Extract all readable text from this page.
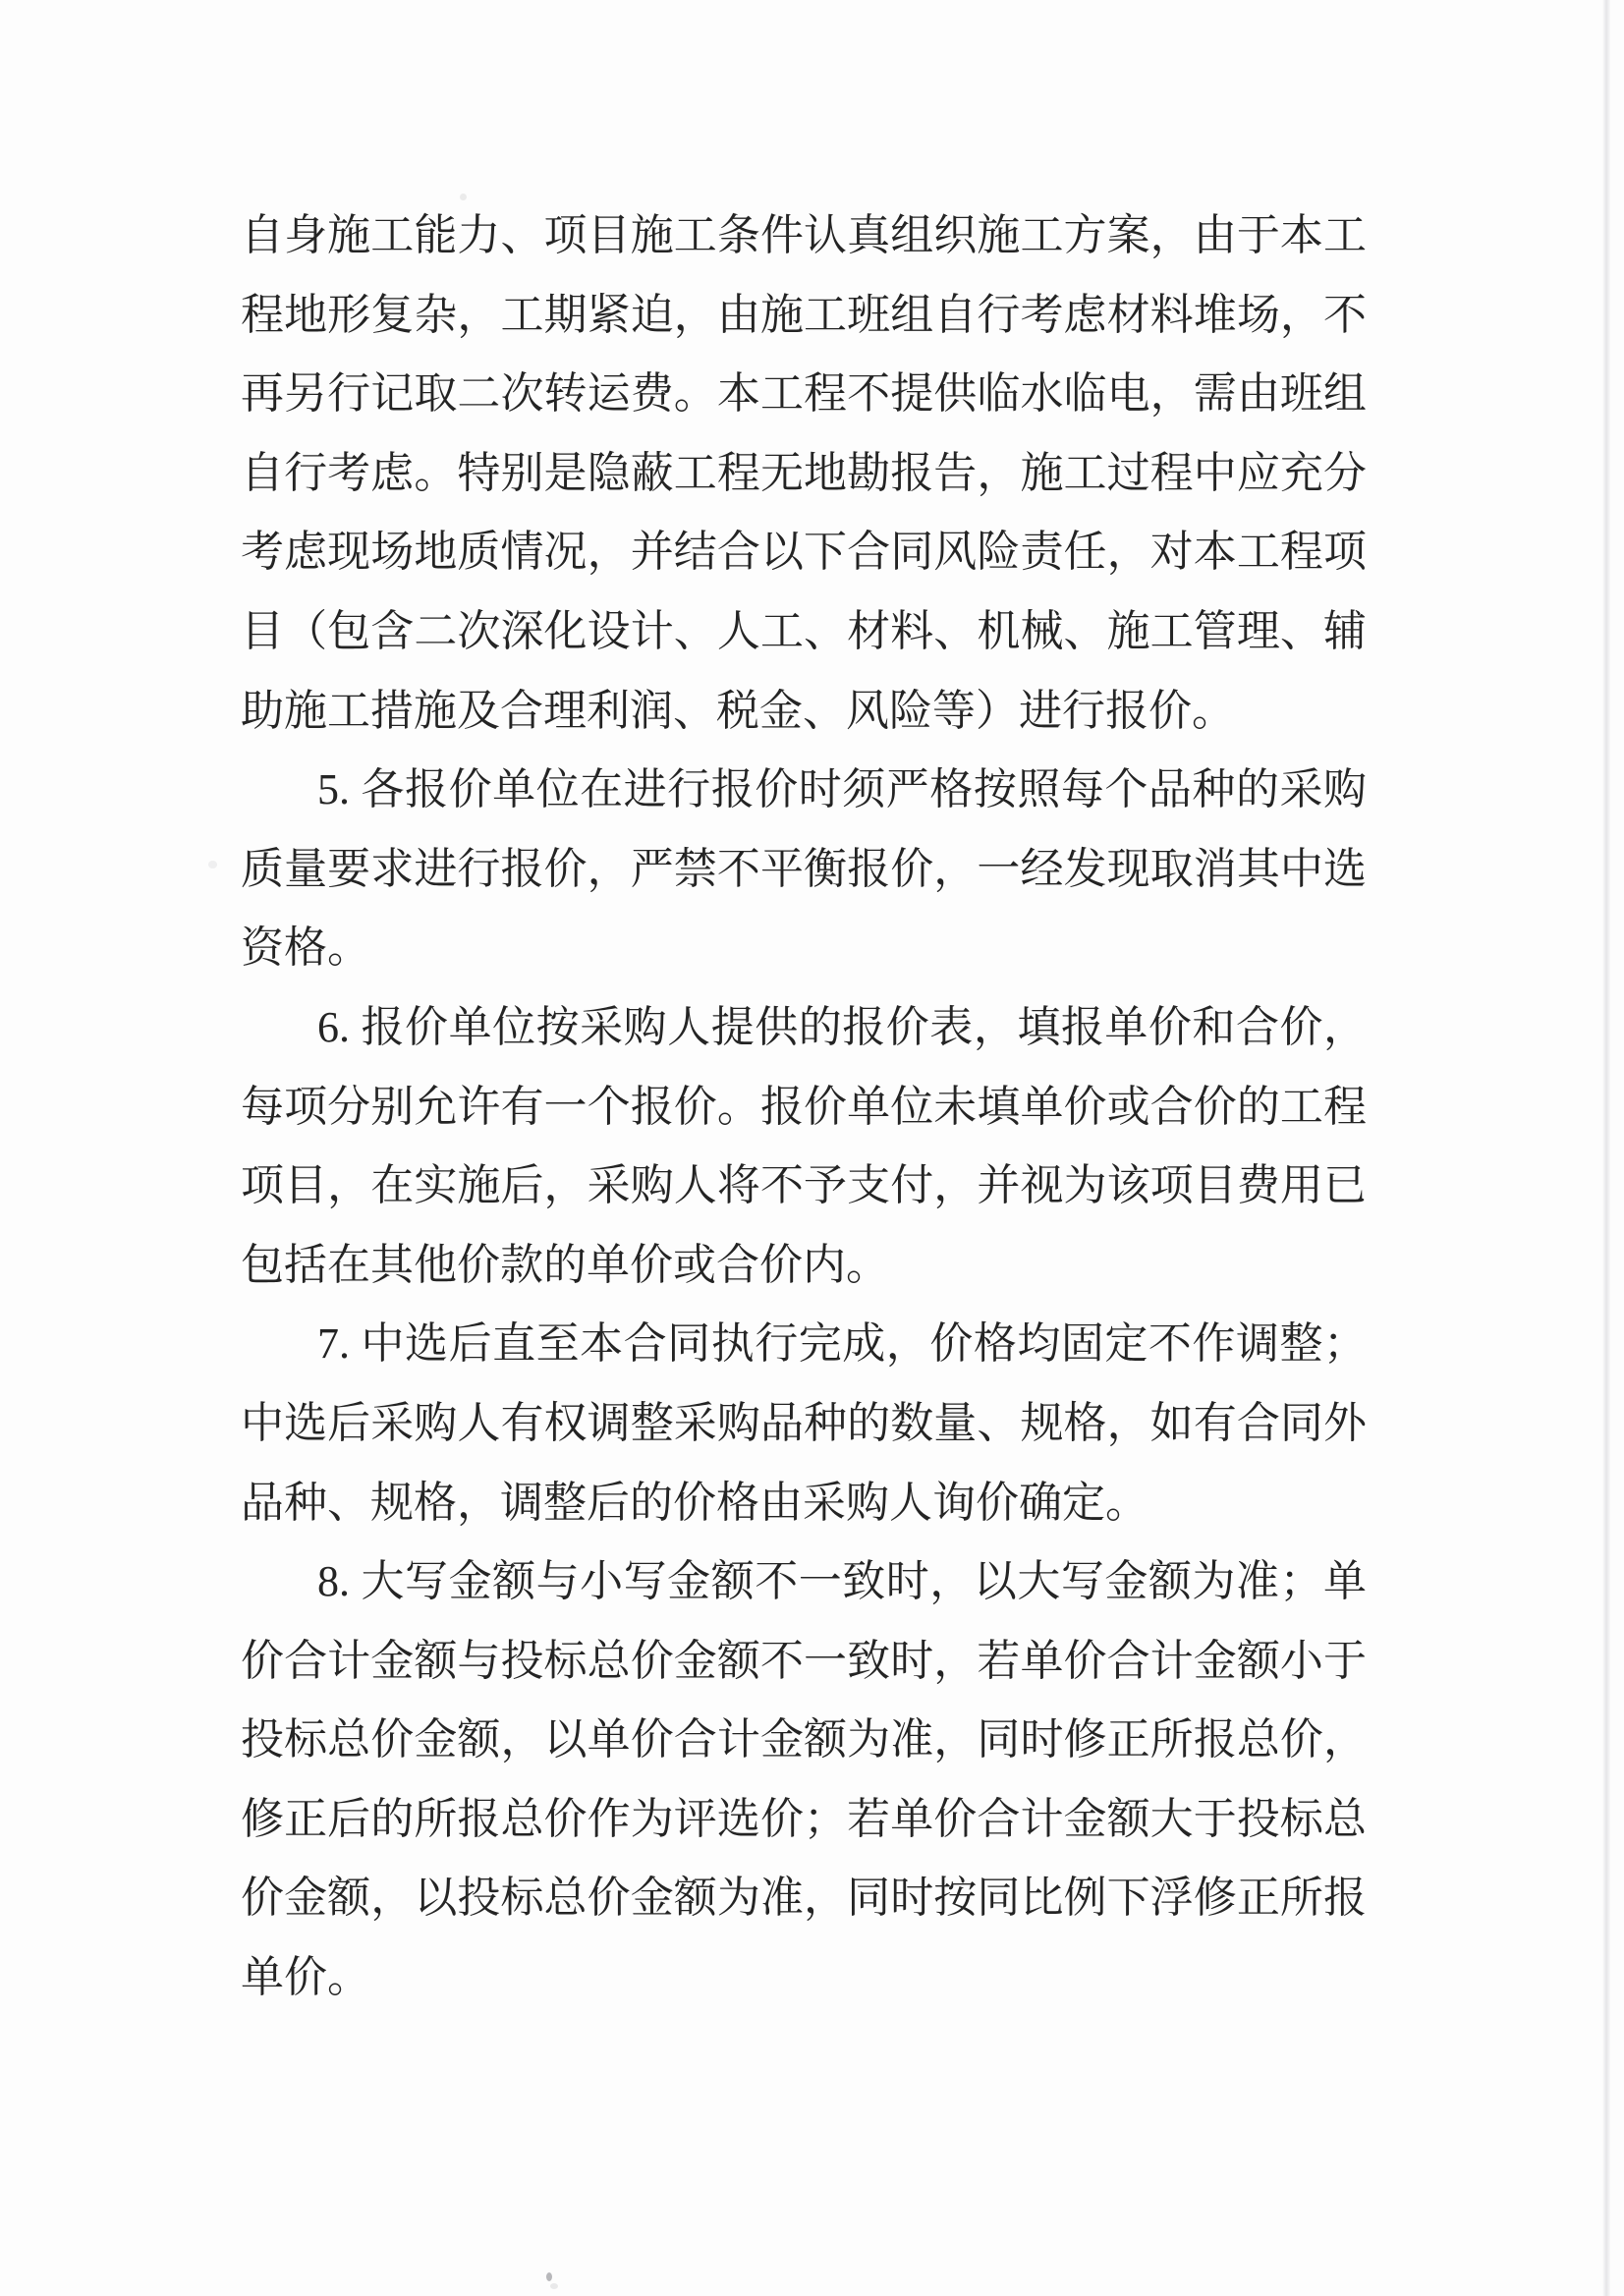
自身施工能力、项目施工条件认真组织施工方案，由于本工程地形复杂，工期紧迫，由施工班组自行考虑材料堆场，不再另行记取二次转运费。本工程不提供临水临电，需由班组自行考虑。特别是隐蔽工程无地勘报告，施工过程中应充分考虑现场地质情况，并结合以下合同风险责任，对本工程项目（包含二次深化设计、人工、材料、机械、施工管理、辅助施工措施及合理利润、税金、风险等）进行报价。

5. 各报价单位在进行报价时须严格按照每个品种的采购质量要求进行报价，严禁不平衡报价，一经发现取消其中选资格。

6. 报价单位按采购人提供的报价表，填报单价和合价，每项分别允许有一个报价。报价单位未填单价或合价的工程项目，在实施后，采购人将不予支付，并视为该项目费用已包括在其他价款的单价或合价内。

7. 中选后直至本合同执行完成，价格均固定不作调整；中选后采购人有权调整采购品种的数量、规格，如有合同外品种、规格，调整后的价格由采购人询价确定。

8. 大写金额与小写金额不一致时，以大写金额为准；单价合计金额与投标总价金额不一致时，若单价合计金额小于投标总价金额，以单价合计金额为准，同时修正所报总价，修正后的所报总价作为评选价；若单价合计金额大于投标总价金额，以投标总价金额为准，同时按同比例下浮修正所报单价。
